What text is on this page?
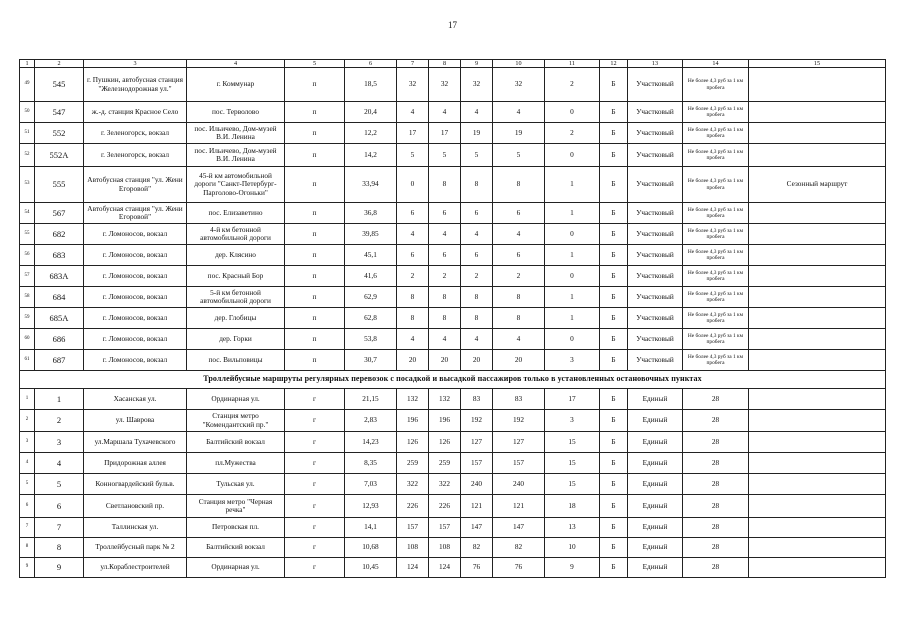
17
1	2	3	4	5	6	7	8	9	10	11	12	13	14	15
49	545	г. Пушкин, автобусная станция "Железнодорожная ул."	г. Коммунар	п	18,5	32	32	32	32	2	Б	Участковый	Не более 4,3 руб за 1 км пробега	
50	547	ж.-д. станция Красное Село	пос. Терволово	п	20,4	4	4	4	4	0	Б	Участковый	Не более 4,3 руб за 1 км пробега	
51	552	г. Зеленогорск, вокзал	пос. Ильичево, Дом-музей В.И. Ленина	п	12,2	17	17	19	19	2	Б	Участковый	Не более 4,3 руб за 1 км пробега	
52	552А	г. Зеленогорск, вокзал	пос. Ильичево, Дом-музей В.И. Ленина	п	14,2	5	5	5	5	0	Б	Участковый	Не более 4,3 руб за 1 км пробега	
53	555	Автобусная станция "ул. Жени Егоровой"	45-й км автомобильной дороги "Санкт-Петербург-Парголово-Огоньки"	п	33,94	0	8	8	8	1	Б	Участковый	Не более 4,3 руб за 1 км пробега	Сезонный маршрут
54	567	Автобусная станция "ул. Жени Егоровой"	пос. Елизаветино	п	36,8	6	6	6	6	1	Б	Участковый	Не более 4,3 руб за 1 км пробега	
55	682	г. Ломоносов, вокзал	4-й км бетонной автомобильной дороги	п	39,85	4	4	4	4	0	Б	Участковый	Не более 4,3 руб за 1 км пробега	
56	683	г. Ломоносов, вокзал	дер. Клясино	п	45,1	6	6	6	6	1	Б	Участковый	Не более 4,3 руб за 1 км пробега	
57	683А	г. Ломоносов, вокзал	пос. Красный Бор	п	41,6	2	2	2	2	0	Б	Участковый	Не более 4,3 руб за 1 км пробега	
58	684	г. Ломоносов, вокзал	5-й км бетонной автомобильной дороги	п	62,9	8	8	8	8	1	Б	Участковый	Не более 4,3 руб за 1 км пробега	
59	685А	г. Ломоносов, вокзал	дер. Глобицы	п	62,8	8	8	8	8	1	Б	Участковый	Не более 4,3 руб за 1 км пробега	
60	686	г. Ломоносов, вокзал	дер. Горки	п	53,8	4	4	4	4	0	Б	Участковый	Не более 4,3 руб за 1 км пробега	
61	687	г. Ломоносов, вокзал	пос. Вильповицы	п	30,7	20	20	20	20	3	Б	Участковый	Не более 4,3 руб за 1 км пробега	
Троллейбусные маршруты регулярных перевозок с посадкой и высадкой пассажиров только в установленных остановочных пунктах														
1	1	Хасанская ул.	Ординарная ул.	г	21,15	132	132	83	83	17	Б	Единый	28	
2	2	ул. Шаврова	Станция метро "Комендантский пр."	г	2,83	196	196	192	192	3	Б	Единый	28	
3	3	ул.Маршала Тухачевского	Балтийский вокзал	г	14,23	126	126	127	127	15	Б	Единый	28	
4	4	Придорожная аллея	пл.Мужества	г	8,35	259	259	157	157	15	Б	Единый	28	
5	5	Конногвардейский бульв.	Тульская ул.	г	7,03	322	322	240	240	15	Б	Единый	28	
6	6	Светлановский пр.	Станция метро "Черная речка"	г	12,93	226	226	121	121	18	Б	Единый	28	
7	7	Таллинская ул.	Петровская пл.	г	14,1	157	157	147	147	13	Б	Единый	28	
8	8	Троллейбусный парк № 2	Балтийский вокзал	г	10,68	108	108	82	82	10	Б	Единый	28	
9	9	ул.Кораблестроителей	Ординарная ул.	г	10,45	124	124	76	76	9	Б	Единый	28	
